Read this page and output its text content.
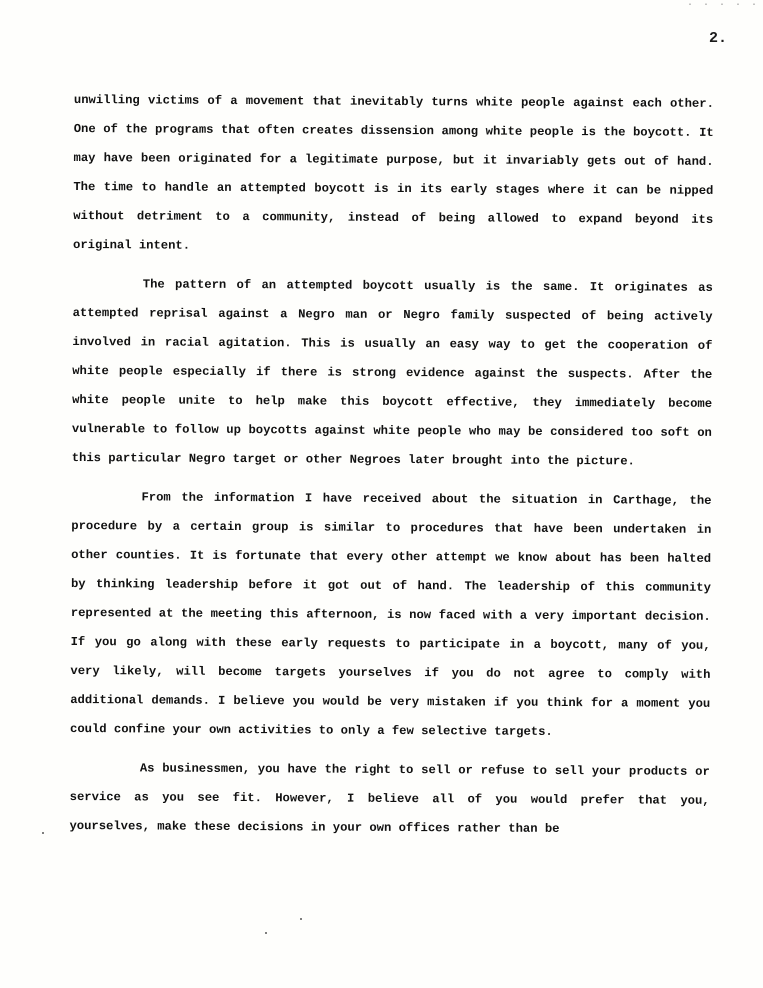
· · · · ·
2.

unwilling victims of a movement that inevitably turns white people against each other. One of the programs that often creates dissension among white people is the boycott. It may have been originated for a legitimate purpose, but it invariably gets out of hand. The time to handle an attempted boycott is in its early stages where it can be nipped without detriment to a community, instead of being allowed to expand beyond its original intent.

The pattern of an attempted boycott usually is the same. It originates as attempted reprisal against a Negro man or Negro family suspected of being actively involved in racial agitation. This is usually an easy way to get the cooperation of white people especially if there is strong evidence against the suspects. After the white people unite to help make this boycott effective, they immediately become vulnerable to follow up boycotts against white people who may be considered too soft on this particular Negro target or other Negroes later brought into the picture.

From the information I have received about the situation in Carthage, the procedure by a certain group is similar to procedures that have been undertaken in other counties. It is fortunate that every other attempt we know about has been halted by thinking leadership before it got out of hand. The leadership of this community represented at the meeting this afternoon, is now faced with a very important decision. If you go along with these early requests to participate in a boycott, many of you, very likely, will become targets yourselves if you do not agree to comply with additional demands. I believe you would be very mistaken if you think for a moment you could confine your own activities to only a few selective targets.

As businessmen, you have the right to sell or refuse to sell your products or service as you see fit. However, I believe all of you would prefer that you, yourselves, make these decisions in your own offices rather than be
